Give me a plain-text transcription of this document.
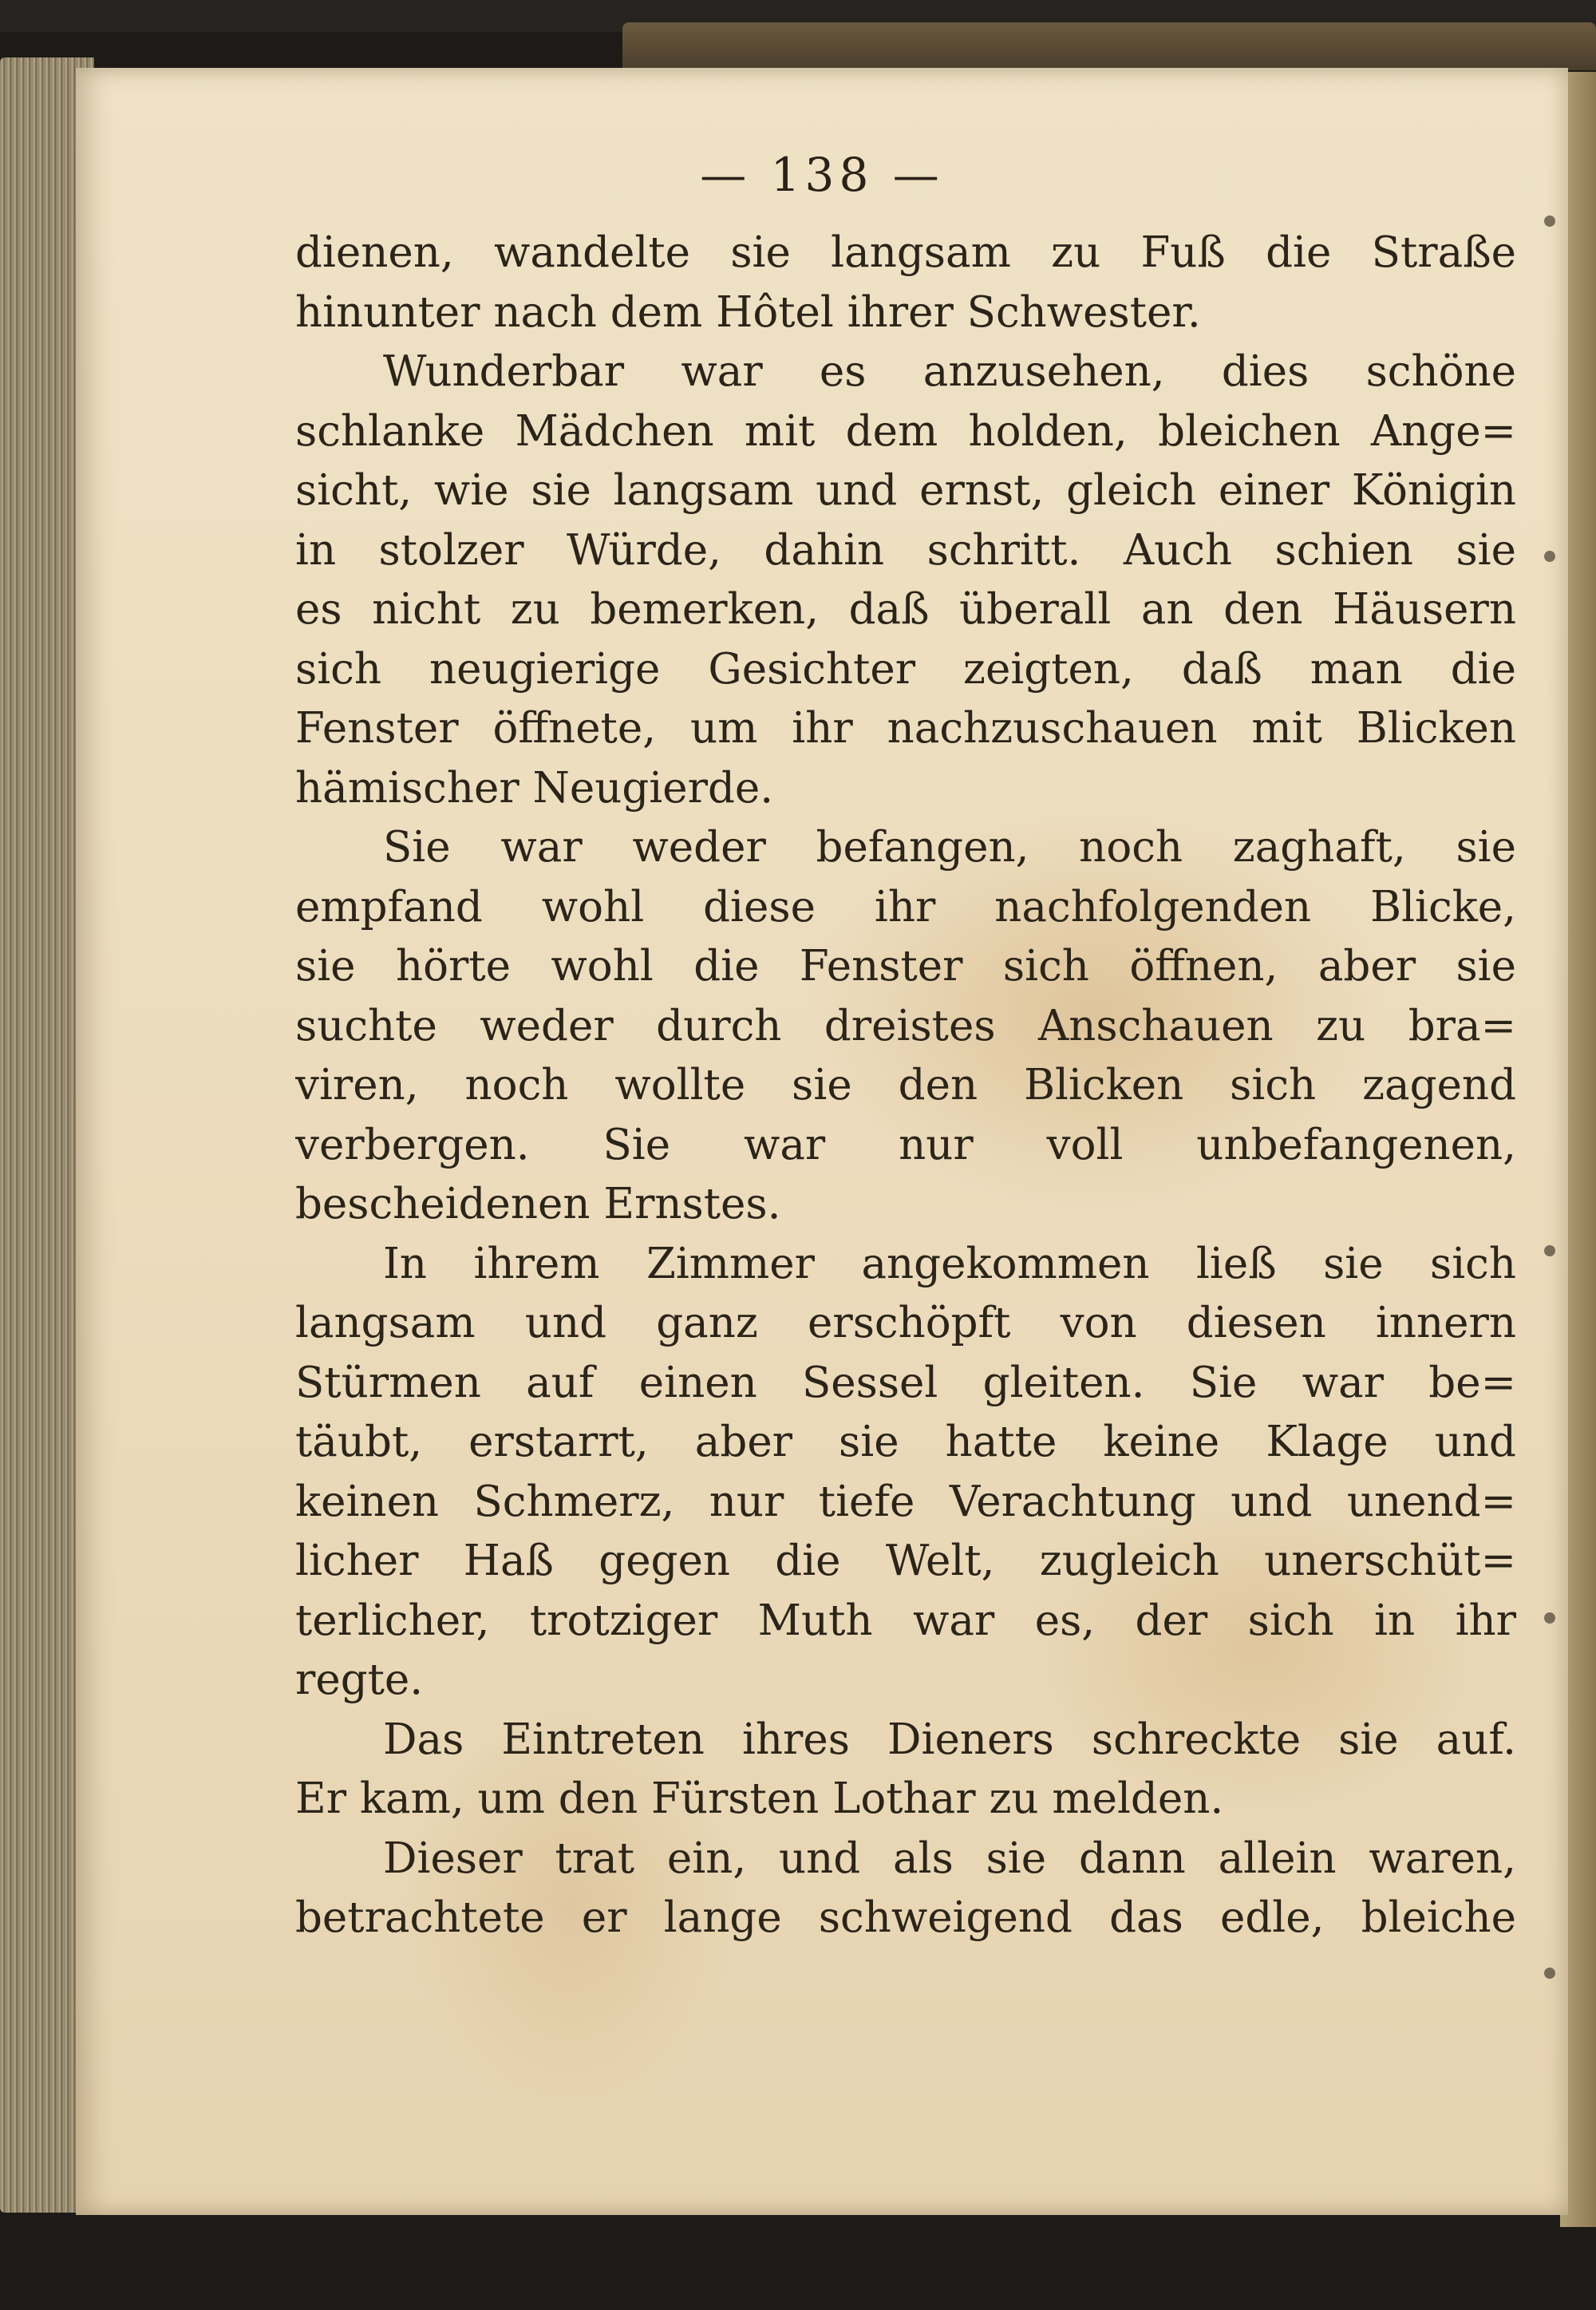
— 138 —
dienen, wandelte sie langsam zu Fuß die Straße
hinunter nach dem Hôtel ihrer Schwester.
Wunderbar war es anzusehen, dies schöne
schlanke Mädchen mit dem holden, bleichen Ange=
sicht, wie sie langsam und ernst, gleich einer Königin
in stolzer Würde, dahin schritt. Auch schien sie
es nicht zu bemerken, daß überall an den Häusern
sich neugierige Gesichter zeigten, daß man die
Fenster öffnete, um ihr nachzuschauen mit Blicken
hämischer Neugierde.
Sie war weder befangen, noch zaghaft, sie
empfand wohl diese ihr nachfolgenden Blicke,
sie hörte wohl die Fenster sich öffnen, aber sie
suchte weder durch dreistes Anschauen zu bra=
viren, noch wollte sie den Blicken sich zagend
verbergen. Sie war nur voll unbefangenen,
bescheidenen Ernstes.
In ihrem Zimmer angekommen ließ sie sich
langsam und ganz erschöpft von diesen innern
Stürmen auf einen Sessel gleiten. Sie war be=
täubt, erstarrt, aber sie hatte keine Klage und
keinen Schmerz, nur tiefe Verachtung und unend=
licher Haß gegen die Welt, zugleich unerschüt=
terlicher, trotziger Muth war es, der sich in ihr
regte.
Das Eintreten ihres Dieners schreckte sie auf.
Er kam, um den Fürsten Lothar zu melden.
Dieser trat ein, und als sie dann allein waren,
betrachtete er lange schweigend das edle, bleiche
